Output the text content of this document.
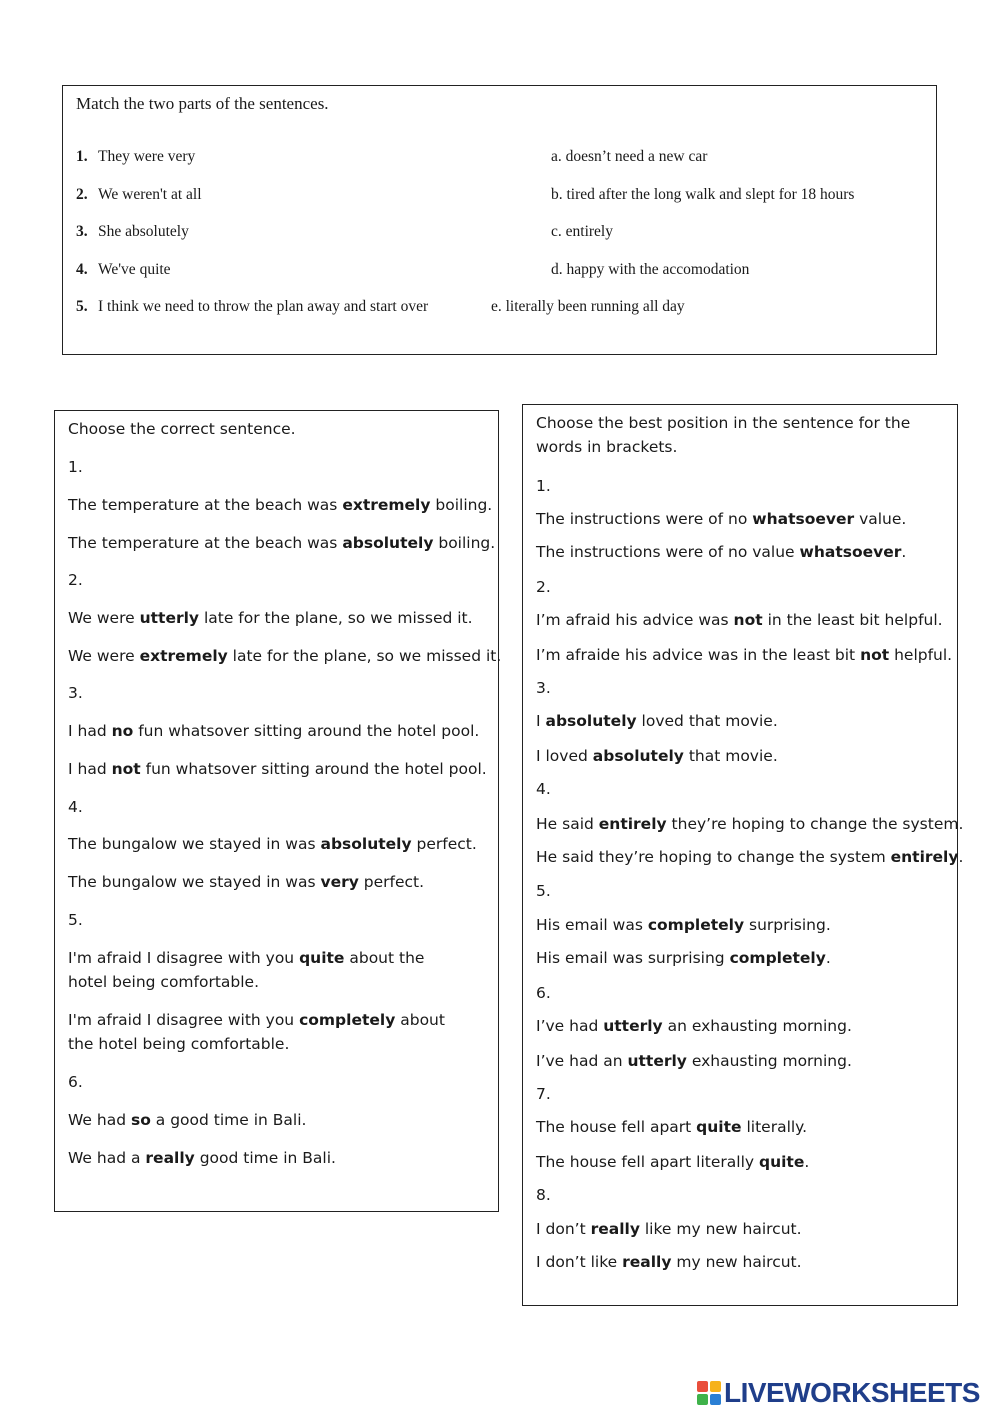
Match the two parts of the sentences.
1. They were very
2. We weren't at all
3. She absolutely
4. We've quite
5. I think we need to throw the plan away and start over
a. doesn’t need a new car
b. tired after the long walk and slept for 18 hours
c. entirely
d. happy with the accomodation
e. literally been running all day
Choose the correct sentence.
1.
The temperature at the beach was extremely boiling.
The temperature at the beach was absolutely boiling.
2.
We were utterly late for the plane, so we missed it.
We were extremely late for the plane, so we missed it.
3.
I had no fun whatsover sitting around the hotel pool.
I had not fun whatsover sitting around the hotel pool.
4.
The bungalow we stayed in was absolutely perfect.
The bungalow we stayed in was very perfect.
5.
I'm afraid I disagree with you quite about the hotel being comfortable.
I'm afraid I disagree with you completely about the hotel being comfortable.
6.
We had so a good time in Bali.
We had a really good time in Bali.
Choose the best position in the sentence for the words in brackets.
1.
The instructions were of no whatsoever value.
The instructions were of no value whatsoever.
2.
I’m afraid his advice was not in the least bit helpful.
I’m afraide his advice was in the least bit not helpful.
3.
I absolutely loved that movie.
I loved absolutely that movie.
4.
He said entirely they’re hoping to change the system.
He said they’re hoping to change the system entirely.
5.
His email was completely surprising.
His email was surprising completely.
6.
I’ve had utterly an exhausting morning.
I’ve had an utterly exhausting morning.
7.
The house fell apart quite literally.
The house fell apart literally quite.
8.
I don’t really like my new haircut.
I don’t like really my new haircut.
LIVEWORKSHEETS
